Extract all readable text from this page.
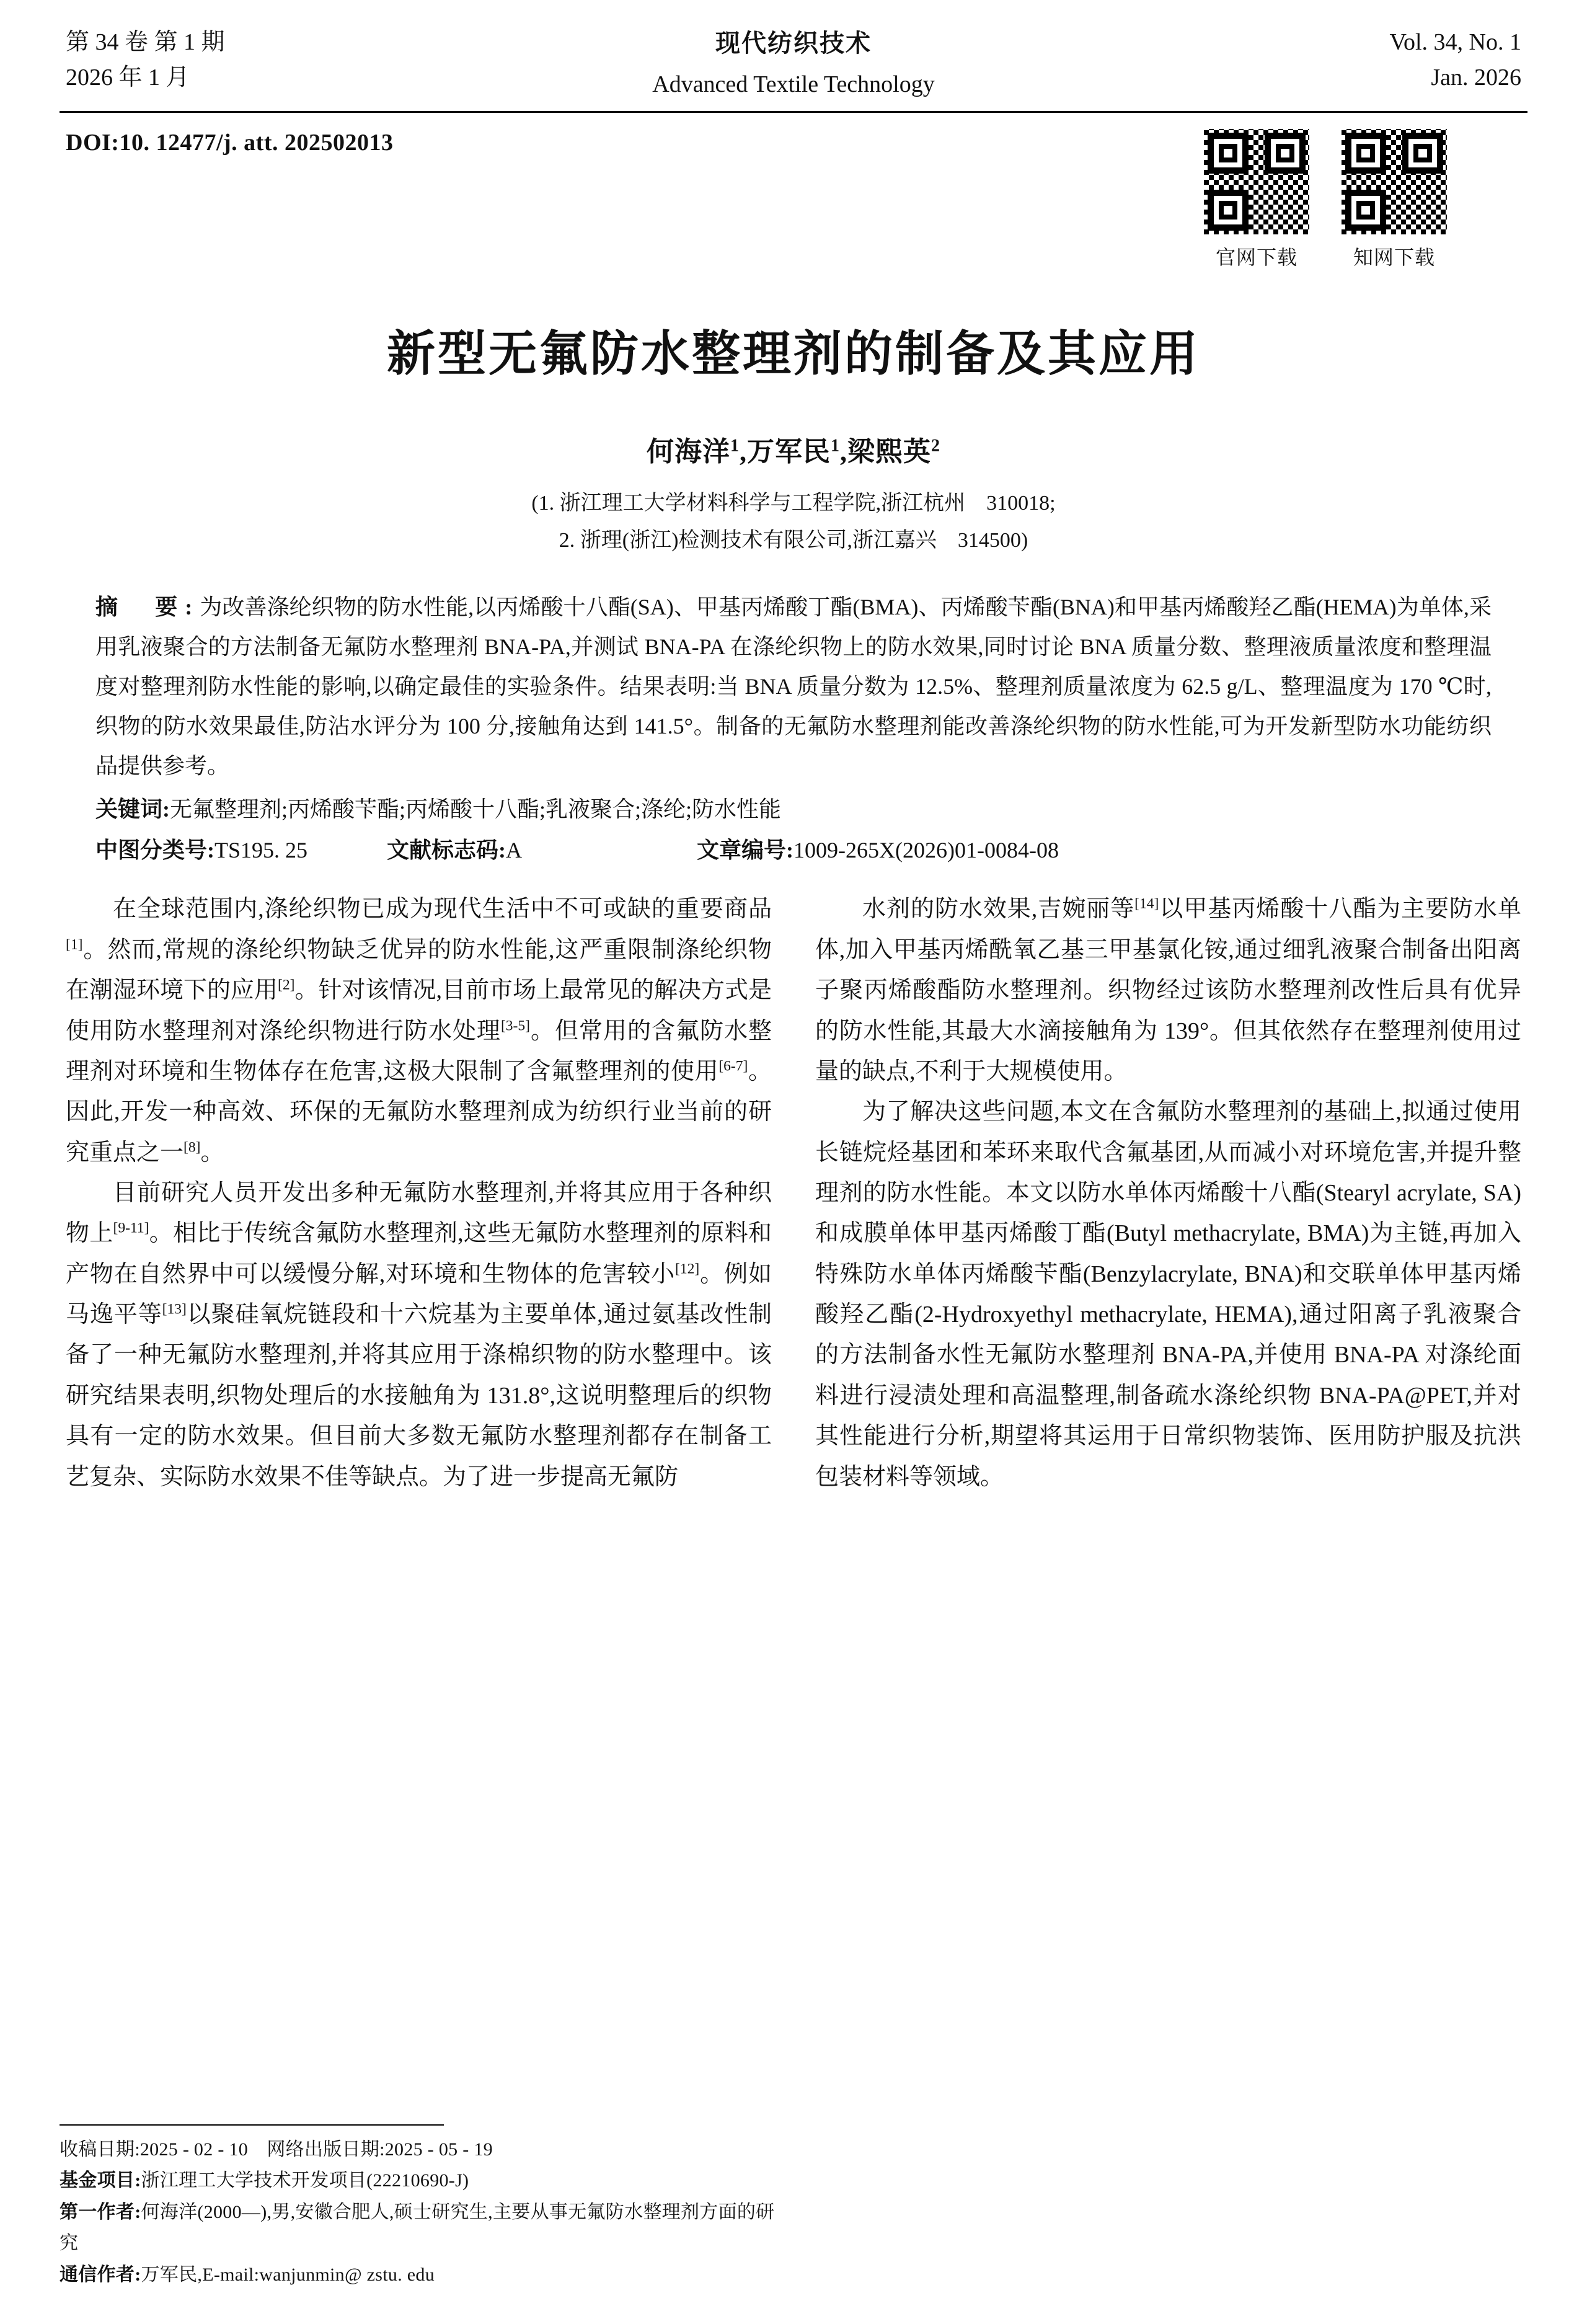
第 34 卷 第 1 期
2026 年 1 月
现代纺织技术
Advanced Textile Technology
Vol. 34, No. 1
Jan. 2026
DOI:10. 12477/j. att. 202502013
官网下载	知网下载
新型无氟防水整理剂的制备及其应用
何海洋$^1$,万军民$^1$,梁熙英$^2$
(1. 浙江理工大学材料科学与工程学院,浙江杭州　310018;
2. 浙理(浙江)检测技术有限公司,浙江嘉兴　314500)
摘　要:为改善涤纶织物的防水性能,以丙烯酸十八酯(SA)、甲基丙烯酸丁酯(BMA)、丙烯酸苄酯(BNA)和甲基丙烯酸羟乙酯(HEMA)为单体,采用乳液聚合的方法制备无氟防水整理剂 BNA-PA,并测试 BNA-PA 在涤纶织物上的防水效果,同时讨论 BNA 质量分数、整理液质量浓度和整理温度对整理剂防水性能的影响,以确定最佳的实验条件。结果表明:当 BNA 质量分数为 12.5%、整理剂质量浓度为 62.5 g/L、整理温度为 170 ℃时,织物的防水效果最佳,防沾水评分为 100 分,接触角达到 141.5°。制备的无氟防水整理剂能改善涤纶织物的防水性能,可为开发新型防水功能纺织品提供参考。
关键词:无氟整理剂;丙烯酸苄酯;丙烯酸十八酯;乳液聚合;涤纶;防水性能
中图分类号:TS195. 25	文献标志码:A	文章编号:1009-265X(2026)01-0084-08

在全球范围内,涤纶织物已成为现代生活中不可或缺的重要商品[1]。然而,常规的涤纶织物缺乏优异的防水性能,这严重限制涤纶织物在潮湿环境下的应用[2]。针对该情况,目前市场上最常见的解决方式是使用防水整理剂对涤纶织物进行防水处理[3-5]。但常用的含氟防水整理剂对环境和生物体存在危害,这极大限制了含氟整理剂的使用[6-7]。因此,开发一种高效、环保的无氟防水整理剂成为纺织行业当前的研究重点之一[8]。

目前研究人员开发出多种无氟防水整理剂,并将其应用于各种织物上[9-11]。相比于传统含氟防水整理剂,这些无氟防水整理剂的原料和产物在自然界中可以缓慢分解,对环境和生物体的危害较小[12]。例如马逸平等[13]以聚硅氧烷链段和十六烷基为主要单体,通过氨基改性制备了一种无氟防水整理剂,并将其应用于涤棉织物的防水整理中。该研究结果表明,织物处理后的水接触角为 131.8°,这说明整理后的织物具有一定的防水效果。但目前大多数无氟防水整理剂都存在制备工艺复杂、实际防水效果不佳等缺点。为了进一步提高无氟防

水剂的防水效果,吉婉丽等[14]以甲基丙烯酸十八酯为主要防水单体,加入甲基丙烯酰氧乙基三甲基氯化铵,通过细乳液聚合制备出阳离子聚丙烯酸酯防水整理剂。织物经过该防水整理剂改性后具有优异的防水性能,其最大水滴接触角为 139°。但其依然存在整理剂使用过量的缺点,不利于大规模使用。

为了解决这些问题,本文在含氟防水整理剂的基础上,拟通过使用长链烷烃基团和苯环来取代含氟基团,从而减小对环境危害,并提升整理剂的防水性能。本文以防水单体丙烯酸十八酯(Stearyl acrylate, SA)和成膜单体甲基丙烯酸丁酯(Butyl methacrylate, BMA)为主链,再加入特殊防水单体丙烯酸苄酯(Benzylacrylate, BNA)和交联单体甲基丙烯酸羟乙酯(2-Hydroxyethyl methacrylate, HEMA),通过阳离子乳液聚合的方法制备水性无氟防水整理剂 BNA-PA,并使用 BNA-PA 对涤纶面料进行浸渍处理和高温整理,制备疏水涤纶织物 BNA-PA@PET,并对其性能进行分析,期望将其运用于日常织物装饰、医用防护服及抗洪包装材料等领域。

收稿日期:2025 - 02 - 10　网络出版日期:2025 - 05 - 19
基金项目:浙江理工大学技术开发项目(22210690-J)
第一作者:何海洋(2000—),男,安徽合肥人,硕士研究生,主要从事无氟防水整理剂方面的研究
通信作者:万军民,E-mail:wanjunmin@ zstu. edu
